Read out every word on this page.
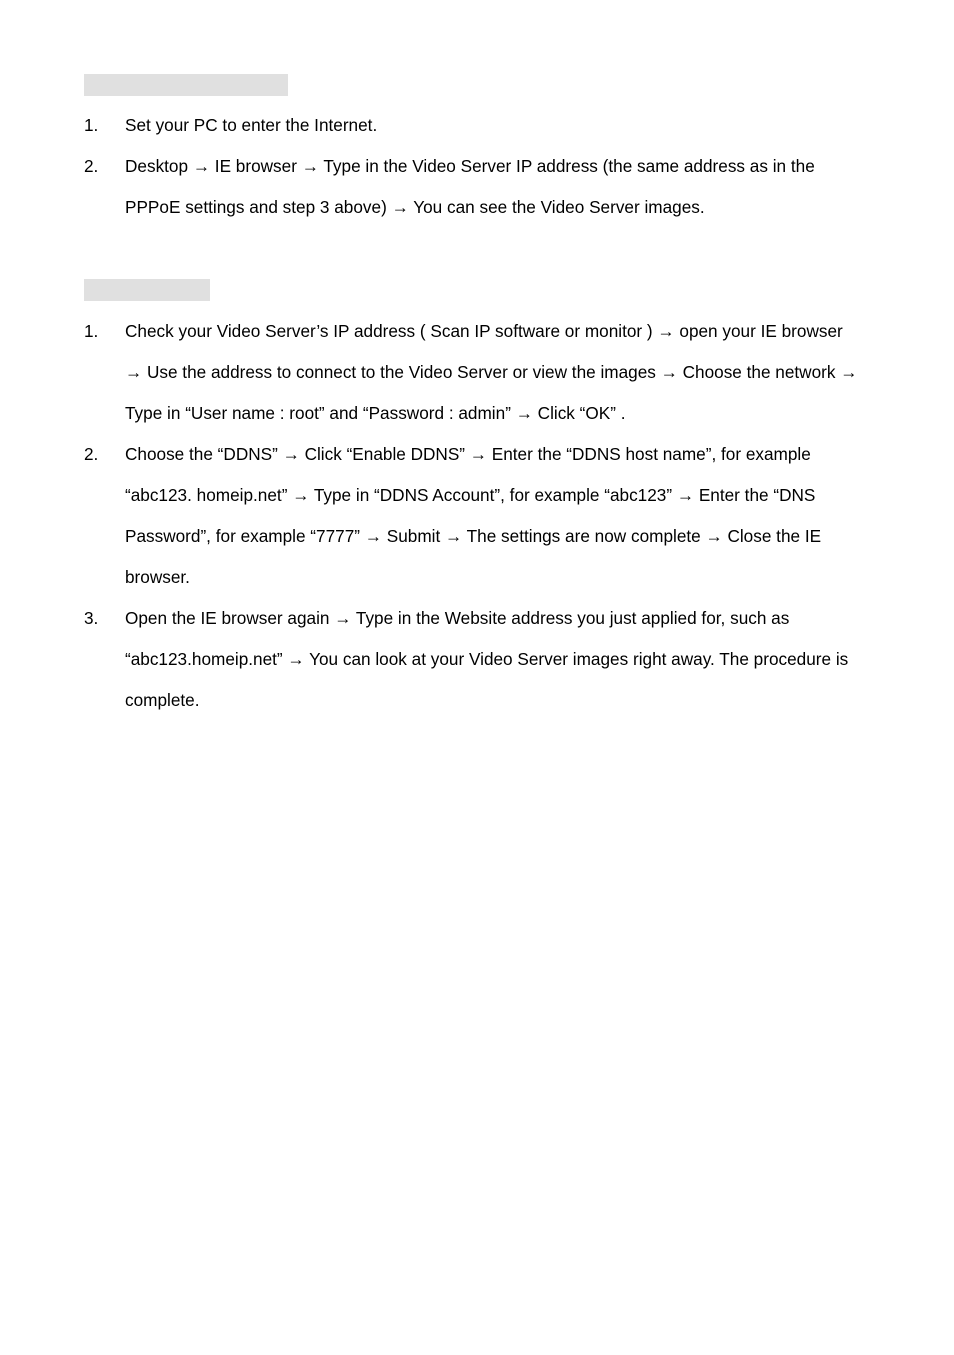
1. Set your PC to enter the Internet.
2. Desktop → IE browser → Type in the Video Server IP address (the same address as in the PPPoE settings and step 3 above) → You can see the Video Server images.
1. Check your Video Server’s IP address ( Scan IP software or monitor ) → open your IE browser → Use the address to connect to the Video Server or view the images → Choose the network → Type in “User name : root” and “Password : admin” → Click “OK” .
2. Choose the “DDNS” → Click “Enable DDNS” → Enter the “DDNS host name”, for example “abc123. homeip.net” → Type in “DDNS Account”, for example “abc123” → Enter the “DNS Password”, for example “7777” → Submit → The settings are now complete → Close the IE browser.
3. Open the IE browser again → Type in the Website address you just applied for, such as “abc123.homeip.net” → You can look at your Video Server images right away. The procedure is complete.
